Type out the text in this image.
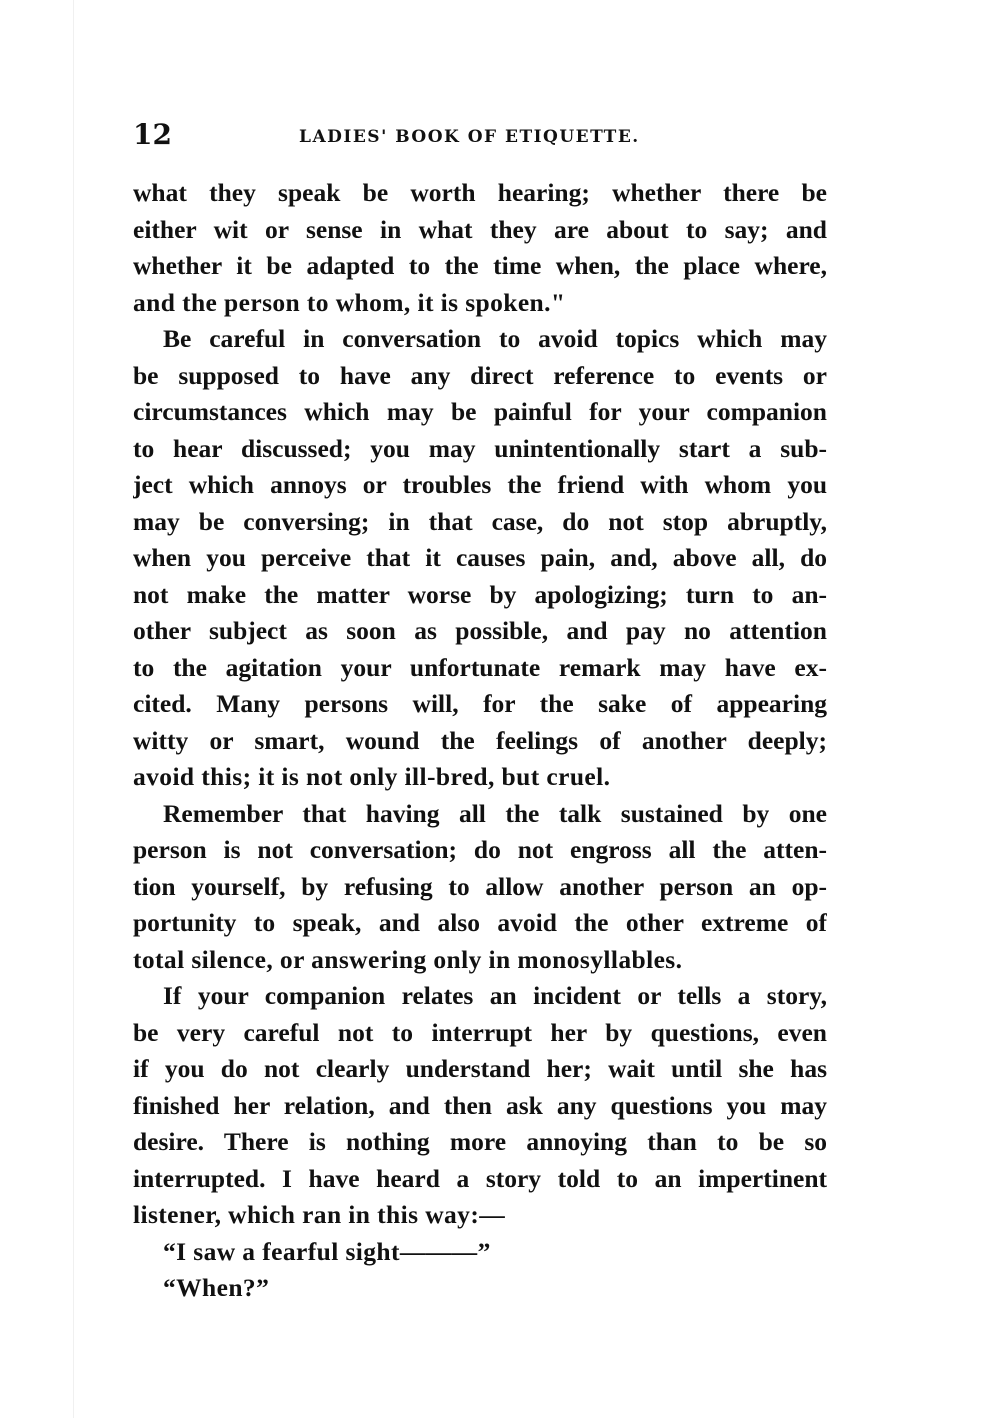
12	LADIES' BOOK OF ETIQUETTE.
what they speak be worth hearing; whether there be
either wit or sense in what they are about to say; and
whether it be adapted to the time when, the place where,
and the person to whom, it is spoken."
Be careful in conversation to avoid topics which may
be supposed to have any direct reference to events or
circumstances which may be painful for your companion
to hear discussed; you may unintentionally start a sub-
ject which annoys or troubles the friend with whom you
may be conversing; in that case, do not stop abruptly,
when you perceive that it causes pain, and, above all, do
not make the matter worse by apologizing; turn to an-
other subject as soon as possible, and pay no attention
to the agitation your unfortunate remark may have ex-
cited. Many persons will, for the sake of appearing
witty or smart, wound the feelings of another deeply;
avoid this; it is not only ill-bred, but cruel.
Remember that having all the talk sustained by one
person is not conversation; do not engross all the atten-
tion yourself, by refusing to allow another person an op-
portunity to speak, and also avoid the other extreme of
total silence, or answering only in monosyllables.
If your companion relates an incident or tells a story,
be very careful not to interrupt her by questions, even
if you do not clearly understand her; wait until she has
finished her relation, and then ask any questions you may
desire. There is nothing more annoying than to be so
interrupted. I have heard a story told to an impertinent
listener, which ran in this way:—
“I saw a fearful sight———”
“When?”
